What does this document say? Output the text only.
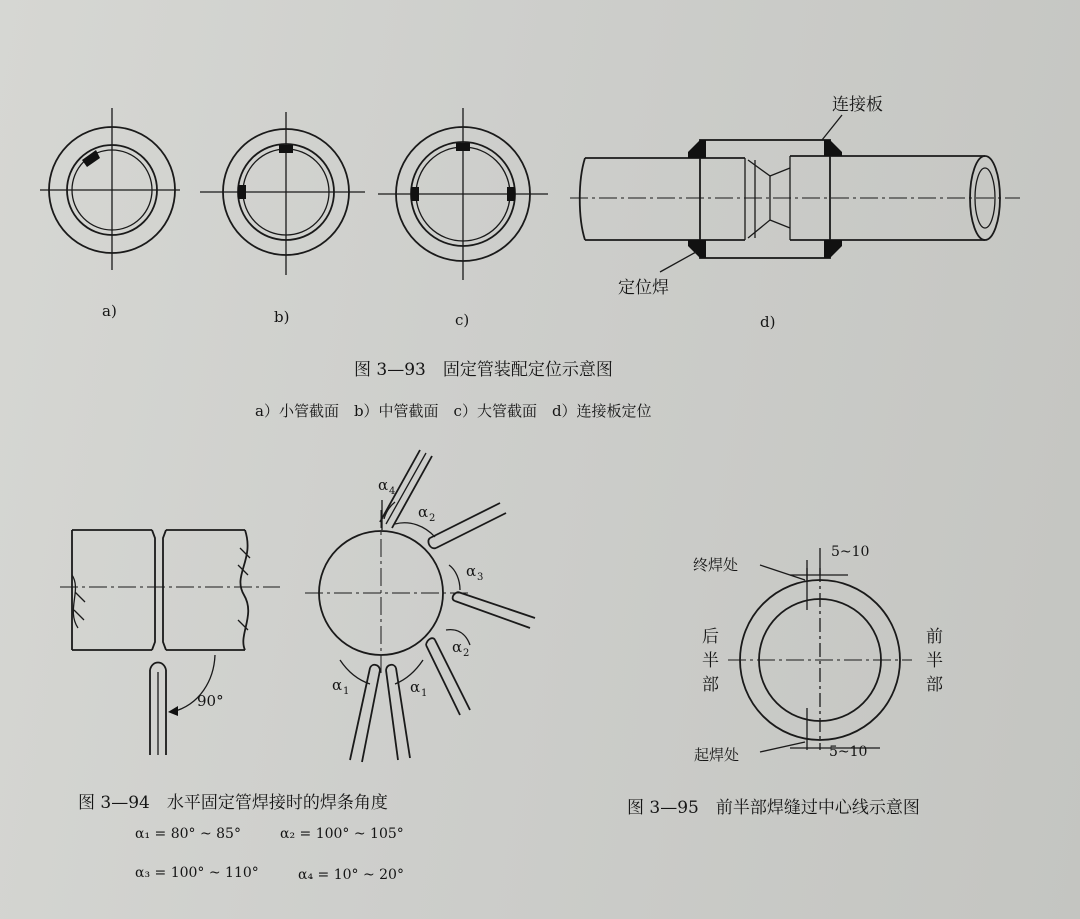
a)	b)	c)	d)
连接板
定位焊
图 3—93　固定管装配定位示意图
a）小管截面　b）中管截面　c）大管截面　d）连接板定位
90°
α 4
α 2
α 3
α 2
α 1	α 1
图 3—94　水平固定管焊接时的焊条角度
α₁ = 80° ~ 85°	α₂ = 100° ~ 105°
α₃ = 100° ~ 110°	α₄ = 10° ~ 20°
终焊处
起焊处
5~10
5~10
后
半
部
前
半
部
图 3—95　前半部焊缝过中心线示意图
